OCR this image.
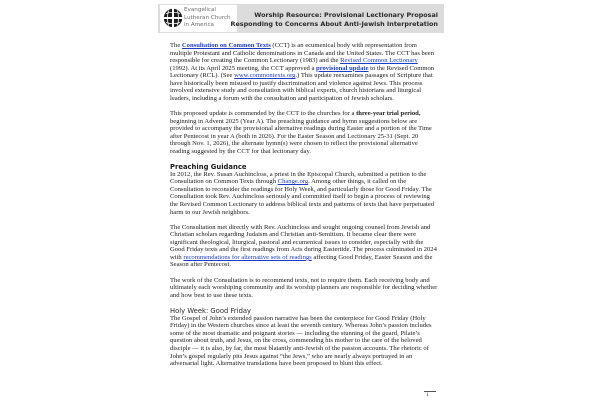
Evangelical
Lutheran Church
in America
Worship Resource: Provisional Lectionary Proposal
Responding to Concerns About Anti-Jewish Interpretation

The Consultation on Common Texts (CCT) is an ecumenical body with representation from multiple Protestant and Catholic denominations in Canada and the United States. The CCT has been responsible for creating the Common Lectionary (1983) and the Revised Common Lectionary (1992). At its April 2025 meeting, the CCT approved a provisional update to the Revised Common Lectionary (RCL). (See www.commontexts.org.) This update reexamines passages of Scripture that have historically been misused to justify discrimination and violence against Jews. This process involved extensive study and consultation with biblical experts, church historians and liturgical leaders, including a forum with the consultation and participation of Jewish scholars.

This proposed update is commended by the CCT to the churches for a three-year trial period, beginning in Advent 2025 (Year A). The preaching guidance and hymn suggestions below are provided to accompany the provisional alternative readings during Easter and a portion of the Time after Pentecost in year A (both in 2026). For the Easter Season and Lectionary 25-31 (Sept. 20 through Nov. 1, 2026), the alternate hymn(s) were chosen to reflect the provisional alternative reading suggested by the CCT for that lectionary day.

Preaching Guidance

In 2012, the Rev. Susan Auchincloss, a priest in the Episcopal Church, submitted a petition to the Consultation on Common Texts through Change.org. Among other things, it called on the Consultation to reconsider the readings for Holy Week, and particularly those for Good Friday. The Consultation took Rev. Auchincloss seriously and committed itself to begin a process of reviewing the Revised Common Lectionary to address biblical texts and patterns of texts that have perpetuated harm to our Jewish neighbors.

The Consultation met directly with Rev. Auchincloss and sought ongoing counsel from Jewish and Christian scholars regarding Judaism and Christian anti-Semitism. It became clear there were significant theological, liturgical, pastoral and ecumenical issues to consider, especially with the Good Friday texts and the first readings from Acts during Eastertide. The process culminated in 2024 with recommendations for alternative sets of readings affecting Good Friday, Easter Season and the Season after Pentecost.

The work of the Consultation is to recommend texts, not to require them. Each receiving body and ultimately each worshiping community and its worship planners are responsible for deciding whether and how best to use these texts.

Holy Week: Good Friday

The Gospel of John’s extended passion narrative has been the centerpiece for Good Friday (Holy Friday) in the Western churches since at least the seventh century. Whereas John’s passion includes some of the most dramatic and poignant stories — including the stunning of the guard, Pilate’s question about truth, and Jesus, on the cross, commending his mother to the care of the beloved disciple — it is also, by far, the most blatantly anti-Jewish of the passion accounts. The rhetoric of John’s gospel regularly pits Jesus against “the Jews,” who are nearly always portrayed in an adversarial light. Alternative translations have been proposed to blunt this effect.

1
